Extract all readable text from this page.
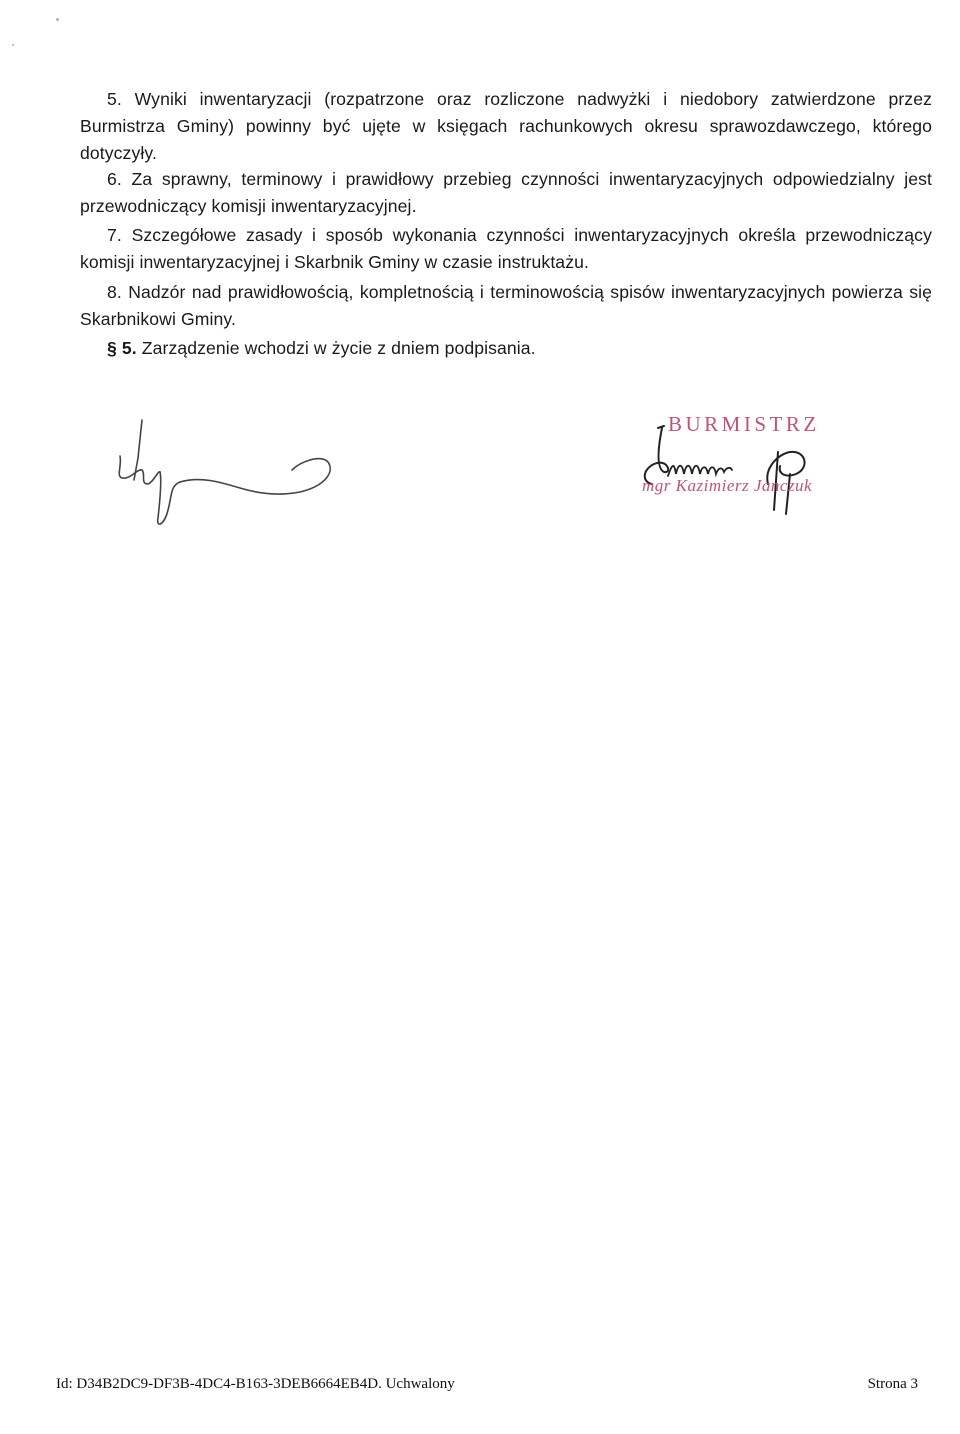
5. Wyniki inwentaryzacji (rozpatrzone oraz rozliczone nadwyżki i niedobory zatwierdzone przez Burmistrza Gminy) powinny być ujęte w księgach rachunkowych okresu sprawozdawczego, którego dotyczyły.
6. Za sprawny, terminowy i prawidłowy przebieg czynności inwentaryzacyjnych odpowiedzialny jest przewodniczący komisji inwentaryzacyjnej.
7. Szczegółowe zasady i sposób wykonania czynności inwentaryzacyjnych określa przewodniczący komisji inwentaryzacyjnej i Skarbnik Gminy w czasie instruktażu.
8. Nadzór nad prawidłowością, kompletnością i terminowością spisów inwentaryzacyjnych powierza się Skarbnikowi Gminy.
§ 5. Zarządzenie wchodzi w życie z dniem podpisania.
BURMISTRZ
mgr Kazimierz Janczuk
Id: D34B2DC9-DF3B-4DC4-B163-3DEB6664EB4D. Uchwalony	Strona 3
